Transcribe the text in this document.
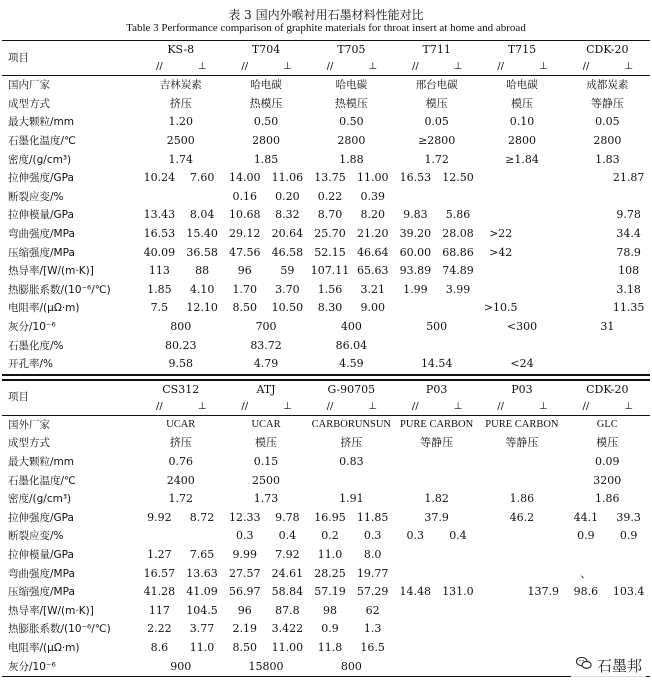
表 3 国内外喉衬用石墨材料性能对比
Table 3 Performance comparison of graphite materials for throat insert at home and abroad
项目	KS-8		T704		T705		T711		T715		CDK-20	
	//	⊥	//	⊥	//	⊥	//	⊥	//	⊥	//	⊥
国内厂家	吉林炭素		哈电碳		哈电碳		邢台电碳		哈电碳		成都炭素	
成型方式	挤压		热模压		热模压		模压		模压		等静压	
最大颗粒/mm	1.20		0.50		0.50		0.05		0.10		0.05	
石墨化温度/℃	2500		2800		2800		≥2800		2800		2800	
密度/(g/cm³)	1.74		1.85		1.88		1.72		≥1.84		1.83	
拉伸强度/GPa	10.24	7.60	14.00	11.06	13.75	11.00	16.53	12.50				21.87
断裂应变/%			0.16	0.20	0.22	0.39						
拉伸模量/GPa	13.43	8.04	10.68	8.32	8.70	8.20	9.83	5.86				9.78
弯曲强度/MPa	16.53	15.40	29.12	20.64	25.70	21.20	39.20	28.08	>22			34.4
压缩强度/MPa	40.09	36.58	47.56	46.58	52.15	46.64	60.00	68.86	>42			78.9
热导率/[W/(m·K)]	113	88	96	59	107.11	65.63	93.89	74.89				108
热膨胀系数/(10⁻⁶/℃)	1.85	4.10	1.70	3.70	1.56	3.21	1.99	3.99				3.18
电阻率/(μΩ·m)	7.5	12.10	8.50	10.50	8.30	9.00			>10.5			11.35
灰分/10⁻⁶	800		700		400		500		<300		31	
石墨化度/%	80.23		83.72		86.04							
开孔率/%	9.58		4.79		4.59		14.54		<24			
项目	CS312		ATJ		G-90705		P03		P03		CDK-20	
	//	⊥	//	⊥	//	⊥	//	⊥	//	⊥	//	⊥
国外厂家	UCAR		UCAR		CARBORUNSUN		PURE CARBON		PURE CARBON		GLC	
成型方式	挤压		模压		挤压		等静压		等静压		模压	
最大颗粒/mm	0.76		0.15		0.83						0.09	
石墨化温度/℃	2400		2500								3200	
密度/(g/cm³)	1.72		1.73		1.91		1.82		1.86		1.86	
拉伸强度/GPa	9.92	8.72	12.33	9.78	16.95	11.85	37.9		46.2		44.1	39.3
断裂应变/%			0.3	0.4	0.2	0.3	0.3	0.4			0.9	0.9
拉伸模量/GPa	1.27	7.65	9.99	7.92	11.0	8.0						
弯曲强度/MPa	16.57	13.63	27.57	24.61	28.25	19.77					、	
压缩强度/MPa	41.28	41.09	56.97	58.84	57.19	57.29	14.48	131.0		137.9	98.6	103.4
热导率/[W/(m·K)]	117	104.5	96	87.8	98	62						
热膨胀系数/(10⁻⁶/℃)	2.22	3.77	2.19	3.422	0.9	1.3						
电阻率/(μΩ·m)	8.6	11.0	8.50	11.00	11.8	16.5						
灰分/10⁻⁶	900		15800		800								石墨邦
